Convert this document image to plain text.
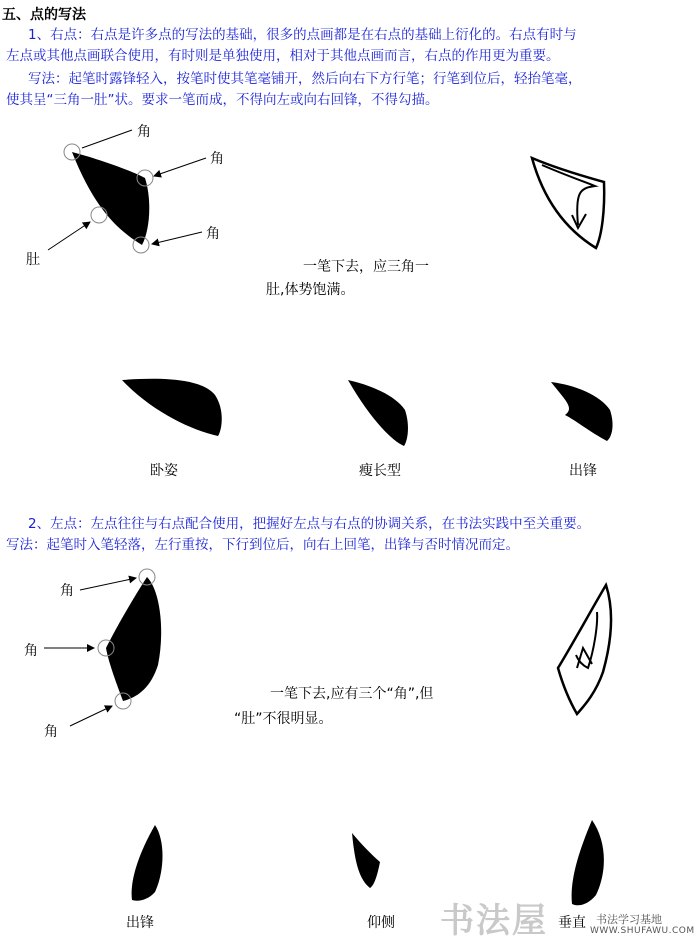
五、点的写法
1、右点：右点是许多点的写法的基础，很多的点画都是在右点的基础上衍化的。右点有时与
左点或其他点画联合使用，有时则是单独使用，相对于其他点画而言，右点的作用更为重要。
写法：起笔时露锋轻入，按笔时使其笔毫铺开，然后向右下方行笔；行笔到位后，轻抬笔毫，
使其呈“三角一肚”状。要求一笔而成，不得向左或向右回锋，不得勾描。
角
角
肚
角
一笔下去，应三角一
肚,体势饱满。
卧姿	瘦长型	出锋
2、左点：左点往往与右点配合使用，把握好左点与右点的协调关系，在书法实践中至关重要。
写法：起笔时入笔轻落，左行重按，下行到位后，向右上回笔，出锋与否时情况而定。
角
角
角
一笔下去,应有三个“角”,但
“肚”不很明显。
出锋	仰侧	垂直
书法屋	书法学习基地
WWW.SHUFAWU.COM
